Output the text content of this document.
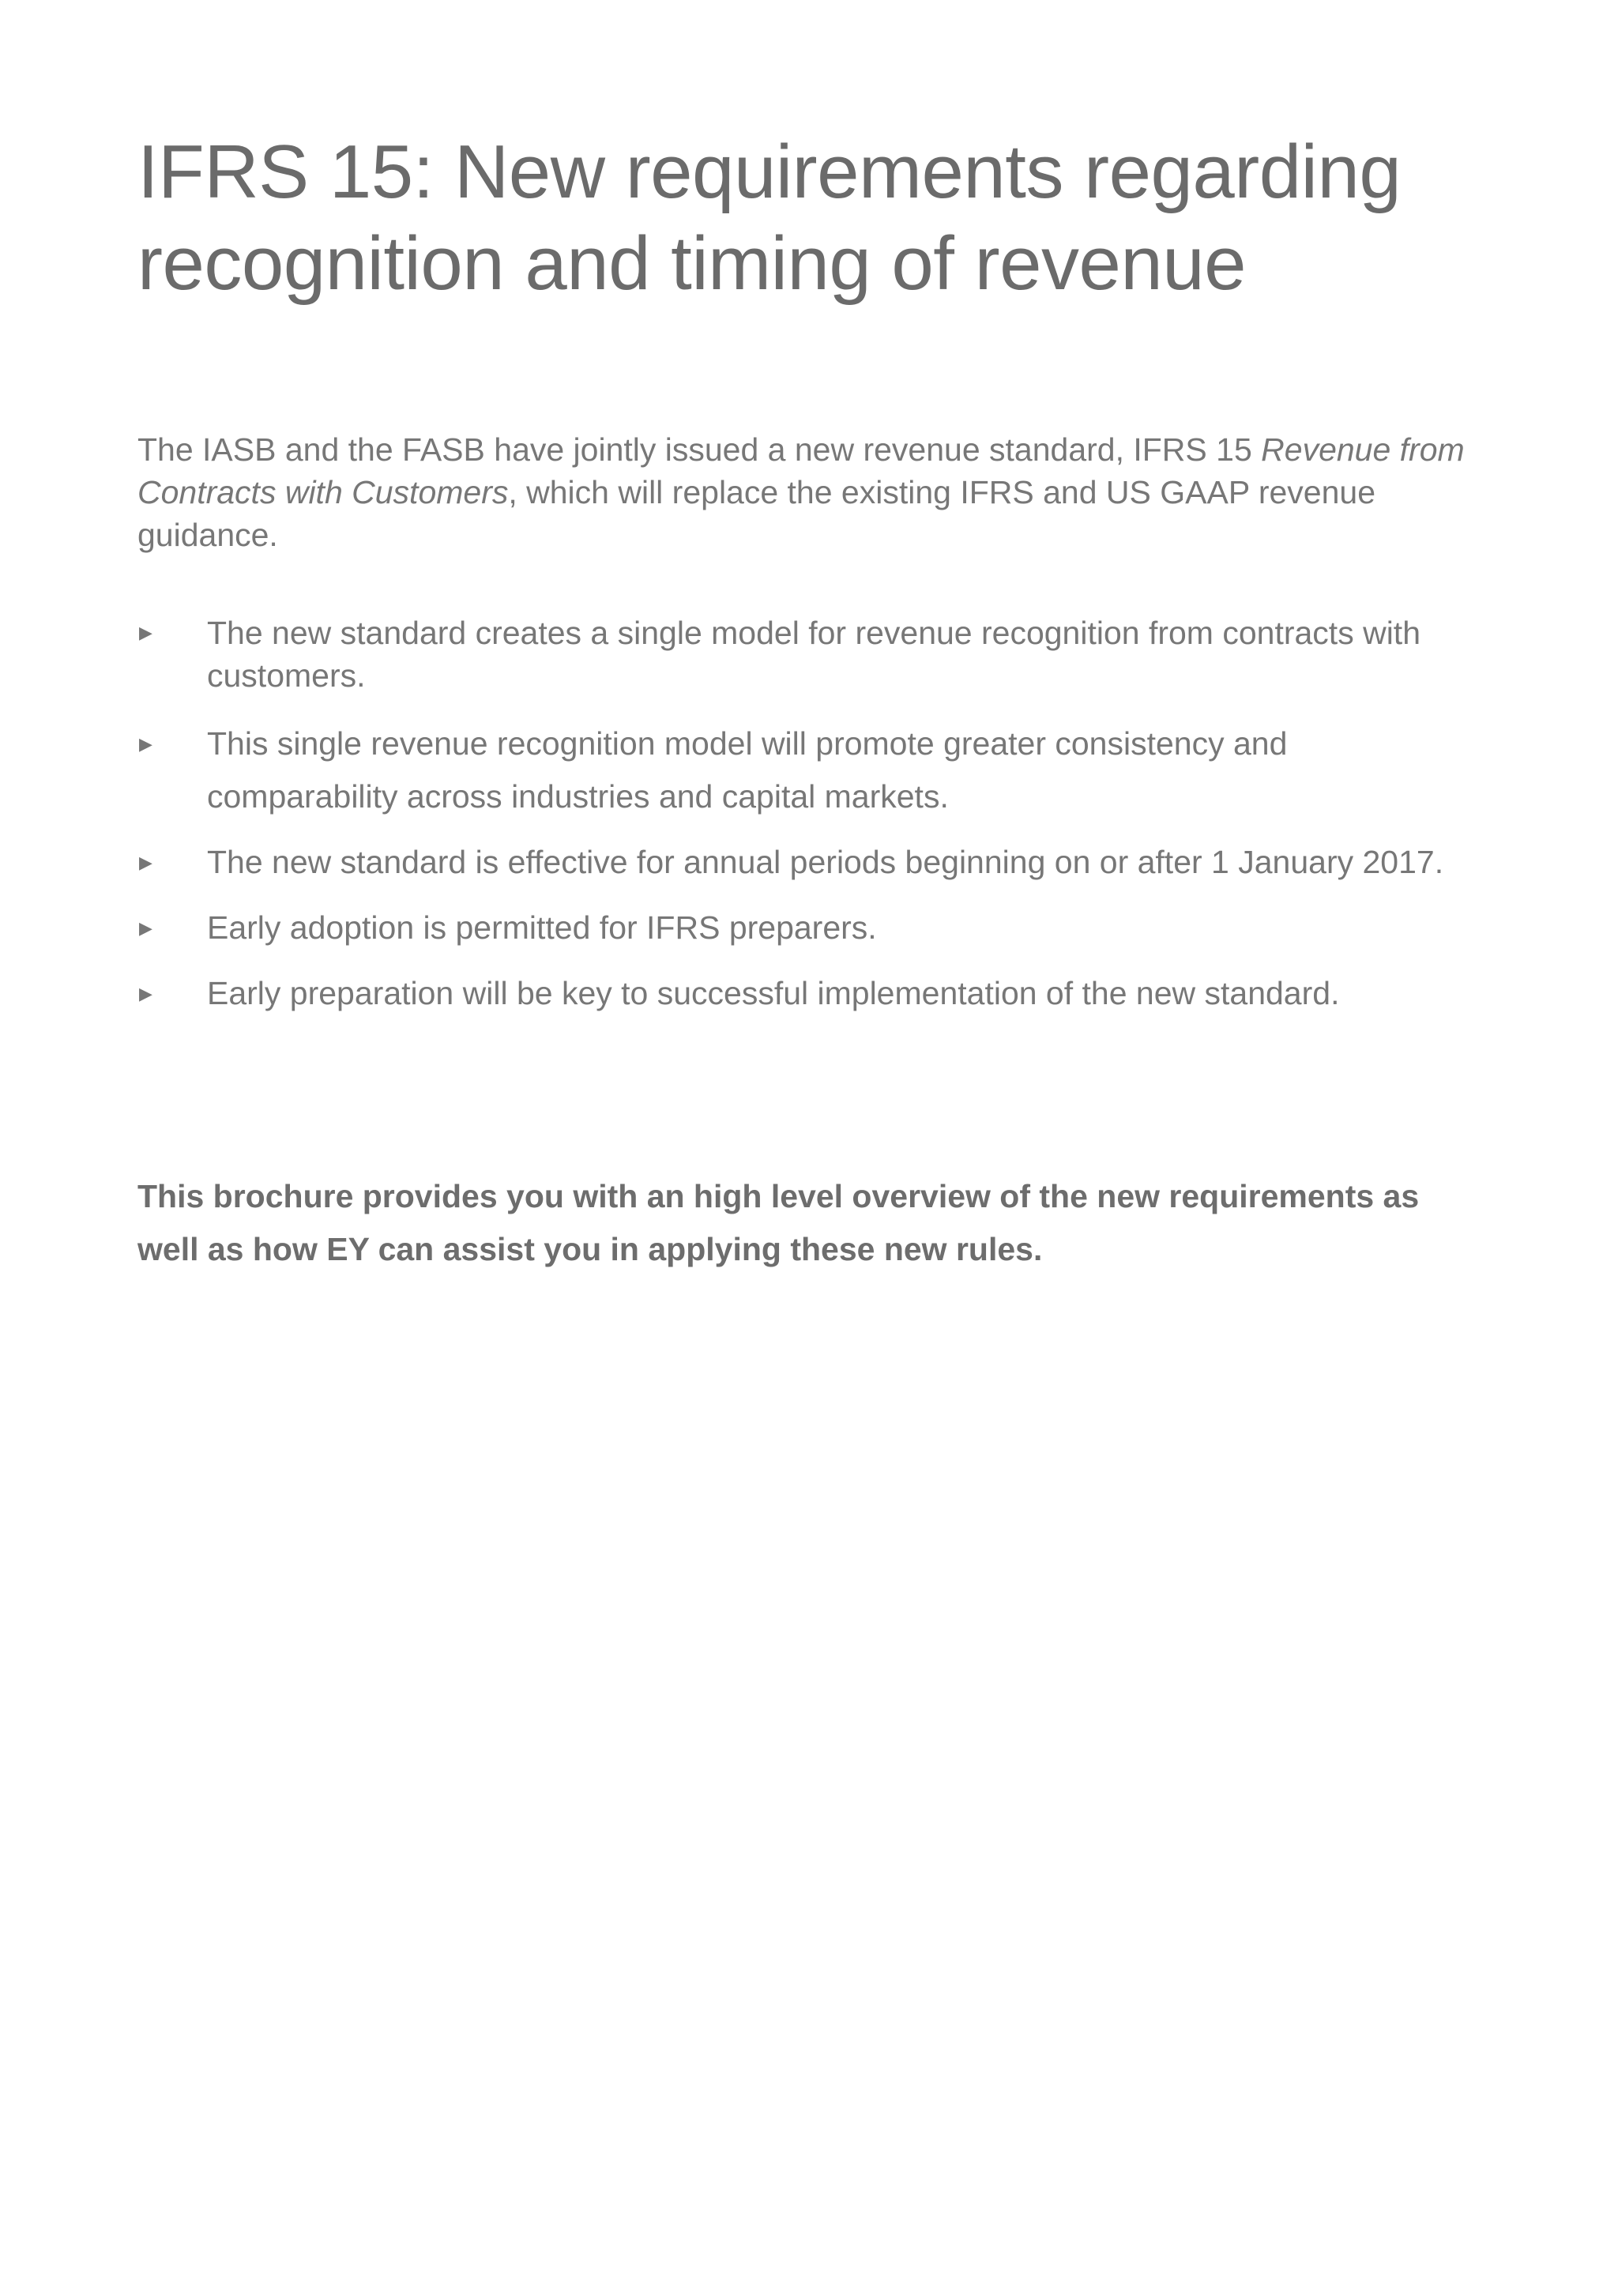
IFRS 15: New requirements regarding recognition and timing of revenue

The IASB and the FASB have jointly issued a new revenue standard, IFRS 15 Revenue from Contracts with Customers, which will replace the existing IFRS and US GAAP revenue guidance.

▶ The new standard creates a single model for revenue recognition from contracts with customers.
▶ This single revenue recognition model will promote greater consistency and comparability across industries and capital markets.
▶ The new standard is effective for annual periods beginning on or after 1 January 2017.
▶ Early adoption is permitted for IFRS preparers.
▶ Early preparation will be key to successful implementation of the new standard.

This brochure provides you with an high level overview of the new requirements as well as how EY can assist you in applying these new rules.
